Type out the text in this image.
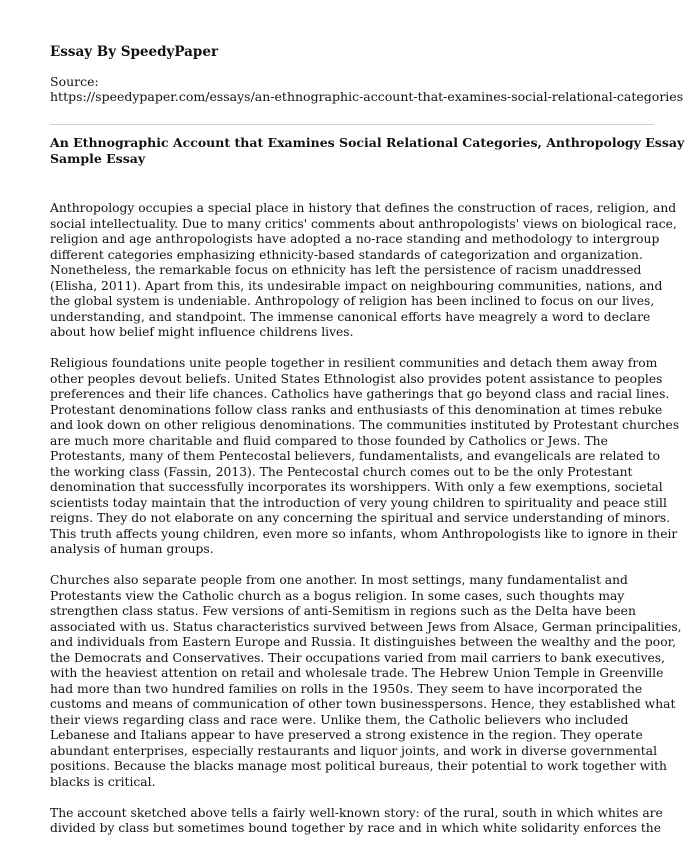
Essay By SpeedyPaper
Source:
https://speedypaper.com/essays/an-ethnographic-account-that-examines-social-relational-categories
An Ethnographic Account that Examines Social Relational Categories, Anthropology Essay
Sample Essay

Anthropology occupies a special place in history that defines the construction of races, religion, and
social intellectuality. Due to many critics' comments about anthropologists' views on biological race,
religion and age anthropologists have adopted a no-race standing and methodology to intergroup
different categories emphasizing ethnicity-based standards of categorization and organization.
Nonetheless, the remarkable focus on ethnicity has left the persistence of racism unaddressed
(Elisha, 2011). Apart from this, its undesirable impact on neighbouring communities, nations, and
the global system is undeniable. Anthropology of religion has been inclined to focus on our lives,
understanding, and standpoint. The immense canonical efforts have meagrely a word to declare
about how belief might influence childrens lives.

Religious foundations unite people together in resilient communities and detach them away from
other peoples devout beliefs. United States Ethnologist also provides potent assistance to peoples
preferences and their life chances. Catholics have gatherings that go beyond class and racial lines.
Protestant denominations follow class ranks and enthusiasts of this denomination at times rebuke
and look down on other religious denominations. The communities instituted by Protestant churches
are much more charitable and fluid compared to those founded by Catholics or Jews. The
Protestants, many of them Pentecostal believers, fundamentalists, and evangelicals are related to
the working class (Fassin, 2013). The Pentecostal church comes out to be the only Protestant
denomination that successfully incorporates its worshippers. With only a few exemptions, societal
scientists today maintain that the introduction of very young children to spirituality and peace still
reigns. They do not elaborate on any concerning the spiritual and service understanding of minors.
This truth affects young children, even more so infants, whom Anthropologists like to ignore in their
analysis of human groups.

Churches also separate people from one another. In most settings, many fundamentalist and
Protestants view the Catholic church as a bogus religion. In some cases, such thoughts may
strengthen class status. Few versions of anti-Semitism in regions such as the Delta have been
associated with us. Status characteristics survived between Jews from Alsace, German principalities,
and individuals from Eastern Europe and Russia. It distinguishes between the wealthy and the poor,
the Democrats and Conservatives. Their occupations varied from mail carriers to bank executives,
with the heaviest attention on retail and wholesale trade. The Hebrew Union Temple in Greenville
had more than two hundred families on rolls in the 1950s. They seem to have incorporated the
customs and means of communication of other town businesspersons. Hence, they established what
their views regarding class and race were. Unlike them, the Catholic believers who included
Lebanese and Italians appear to have preserved a strong existence in the region. They operate
abundant enterprises, especially restaurants and liquor joints, and work in diverse governmental
positions. Because the blacks manage most political bureaus, their potential to work together with
blacks is critical.

The account sketched above tells a fairly well-known story: of the rural, south in which whites are
divided by class but sometimes bound together by race and in which white solidarity enforces the
